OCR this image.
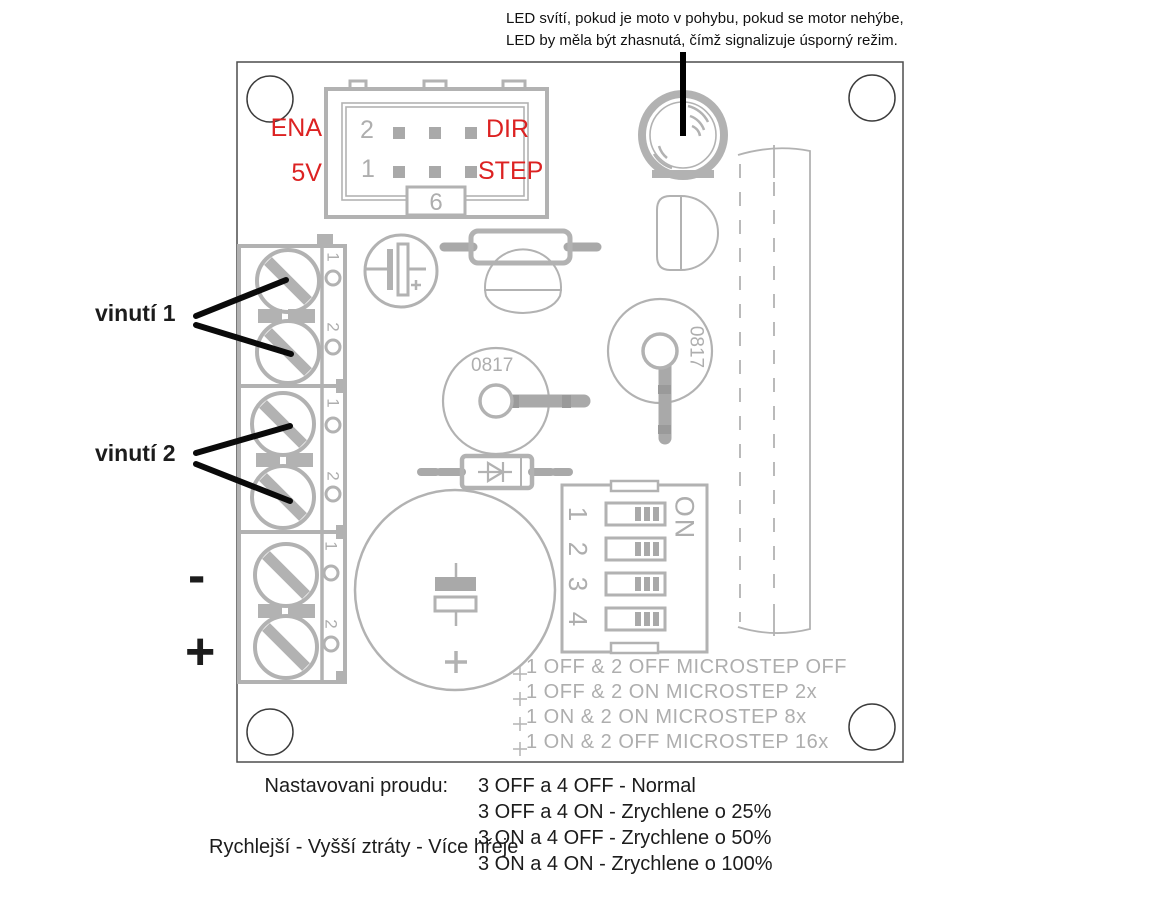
LED svítí, pokud je moto v pohybu, pokud se motor nehýbe,
LED by měla být zhasnutá, čímž signalizuje úsporný režim.
ENA
5V
DIR
STEP
2
1
6
vinutí 1
vinutí 2
-
+
1
2
1
2
1
2
0817	0817
1
2
3
4
ON
1 OFF & 2 OFF MICROSTEP OFF
1 OFF & 2 ON MICROSTEP 2x
1 ON & 2 ON MICROSTEP 8x
1 ON & 2 OFF MICROSTEP 16x
Nastavovani proudu: 3 OFF a 4 OFF - Normal
3 OFF a 4 ON - Zrychlene o 25%
3 ON a 4 OFF - Zrychlene o 50%
3 ON a 4 ON - Zrychlene o 100%
Rychlejší - Vyšší ztráty - Více hřeje
